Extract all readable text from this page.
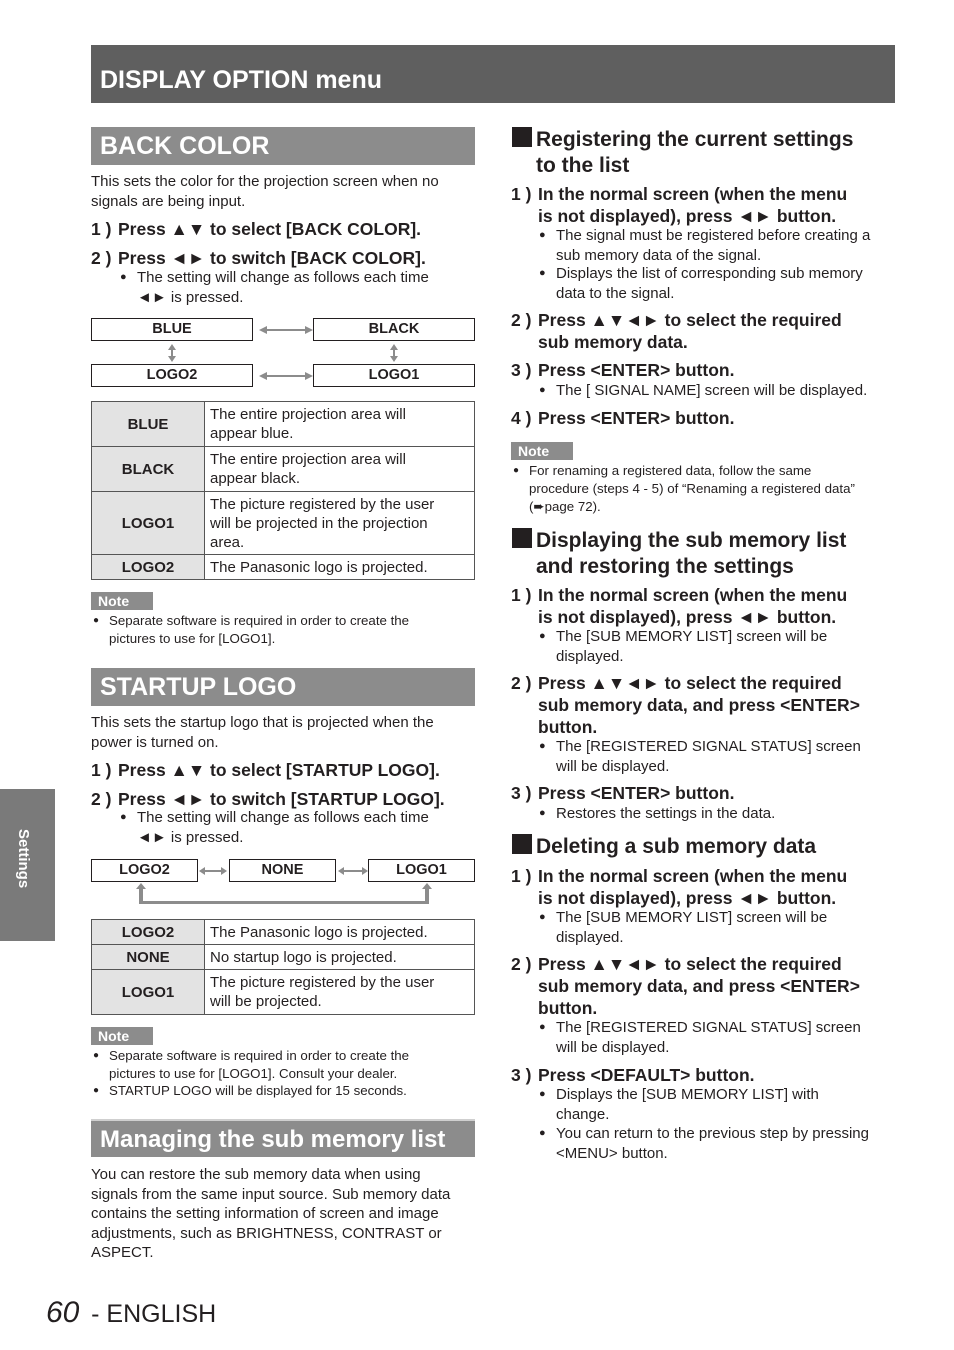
DISPLAY OPTION menu
Settings
BACK COLOR
This sets the color for the projection screen when no
signals are being input.
1 ) Press ▲▼ to select [BACK COLOR].
2 ) Press ◄► to switch [BACK COLOR].
● The setting will change as follows each time
◄► is pressed.
BLUE	BLACK
LOGO2	LOGO1
BLUE	The entire projection area will
appear blue.

BLACK	The entire projection area will
appear black.

LOGO1	The picture registered by the user
will be projected in the projection
area.

LOGO2	The Panasonic logo is projected.
Note
● Separate software is required in order to create the
pictures to use for [LOGO1].
STARTUP LOGO
This sets the startup logo that is projected when the
power is turned on.
1 ) Press ▲▼ to select [STARTUP LOGO].
2 ) Press ◄► to switch [STARTUP LOGO].
● The setting will change as follows each time
◄► is pressed.
LOGO2	NONE	LOGO1
LOGO2	The Panasonic logo is projected.

NONE	No startup logo is projected.

LOGO1	The picture registered by the user
will be projected.
Note
● Separate software is required in order to create the
pictures to use for [LOGO1]. Consult your dealer.
● STARTUP LOGO will be displayed for 15 seconds.
Managing the sub memory list
You can restore the sub memory data when using
signals from the same input source. Sub memory data
contains the setting information of screen and image
adjustments, such as BRIGHTNESS, CONTRAST or
ASPECT.
60 - ENGLISH
Registering the current settings
to the list
1 ) In the normal screen (when the menu
is not displayed), press ◄► button.
● The signal must be registered before creating a
sub memory data of the signal.
● Displays the list of corresponding sub memory
data to the signal.
2 ) Press ▲▼◄► to select the required
sub memory data.
3 ) Press <ENTER> button.
● The [ SIGNAL NAME] screen will be displayed.
4 ) Press <ENTER> button.
Note
● For renaming a registered data, follow the same
procedure (steps 4 - 5) of “Renaming a registered data”
(➨page 72).
Displaying the sub memory list
and restoring the settings
1 ) In the normal screen (when the menu
is not displayed), press ◄► button.
● The [SUB MEMORY LIST] screen will be
displayed.
2 ) Press ▲▼◄► to select the required
sub memory data, and press <ENTER>
button.
● The [REGISTERED SIGNAL STATUS] screen
will be displayed.
3 ) Press <ENTER> button.
● Restores the settings in the data.
Deleting a sub memory data
1 ) In the normal screen (when the menu
is not displayed), press ◄► button.
● The [SUB MEMORY LIST] screen will be
displayed.
2 ) Press ▲▼◄► to select the required
sub memory data, and press <ENTER>
button.
● The [REGISTERED SIGNAL STATUS] screen
will be displayed.
3 ) Press <DEFAULT> button.
● Displays the [SUB MEMORY LIST] with
change.
● You can return to the previous step by pressing
<MENU> button.
